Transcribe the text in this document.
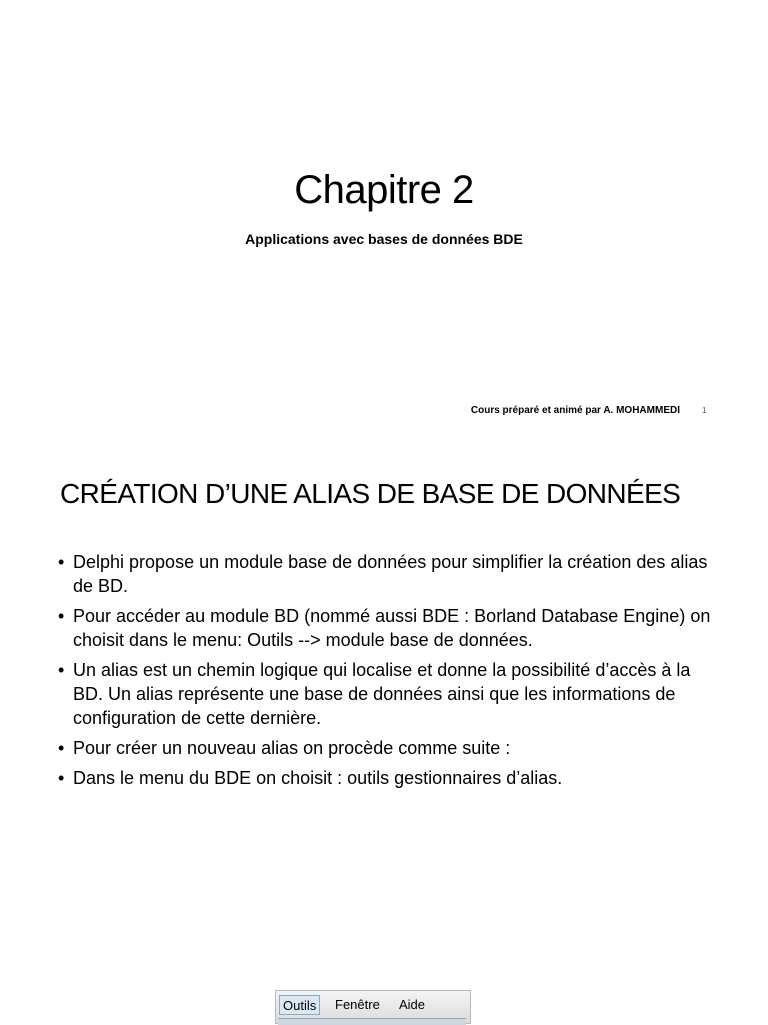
Chapitre 2
Applications avec bases de données BDE
Cours préparé et animé par A. MOHAMMEDI	1
CRÉATION D’UNE ALIAS DE BASE DE DONNÉES
• Delphi propose un module base de données pour simplifier la création des alias de BD.
• Pour accéder au module BD (nommé aussi BDE : Borland Database Engine) on choisit dans le menu: Outils --> module base de données.
• Un alias est un chemin logique qui localise et donne la possibilité d’accès à la BD. Un alias représente une base de données ainsi que les informations de configuration de cette dernière.
• Pour créer un nouveau alias on procède comme suite :
• Dans le menu du BDE on choisit : outils gestionnaires d’alias.
Outils	Fenêtre Aide
